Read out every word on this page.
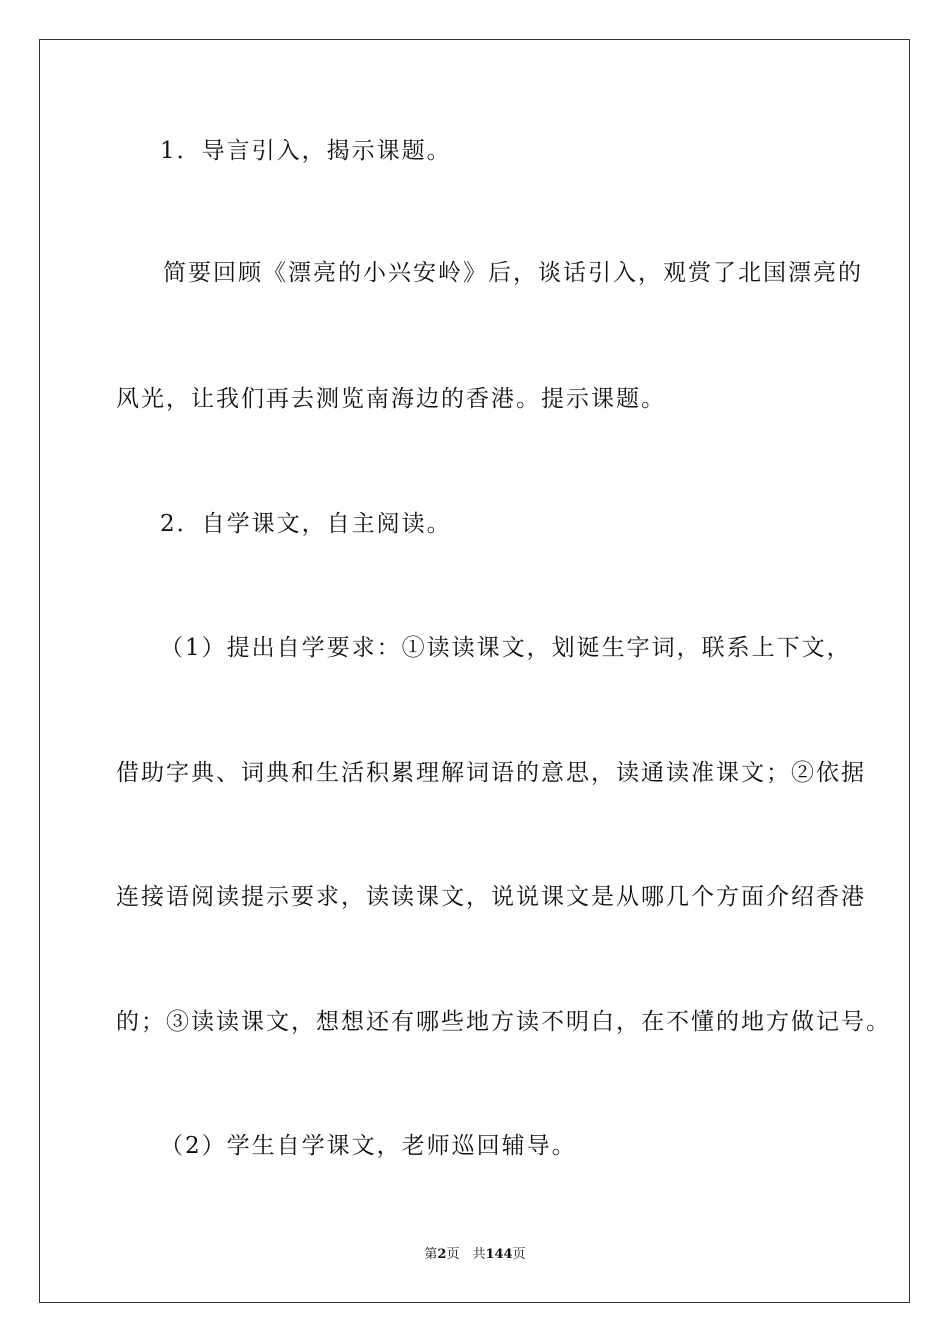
1．导言引入，揭示课题。
简要回顾《漂亮的小兴安岭》后，谈话引入，观赏了北国漂亮的
风光，让我们再去测览南海边的香港。提示课题。
2．自学课文，自主阅读。
（1）提出自学要求：①读读课文，划诞生字词，联系上下文，
借助字典、词典和生活积累理解词语的意思，读通读准课文；②依据
连接语阅读提示要求，读读课文，说说课文是从哪几个方面介绍香港
的；③读读课文，想想还有哪些地方读不明白，在不懂的地方做记号。
（2）学生自学课文，老师巡回辅导。
第2页　共144页
